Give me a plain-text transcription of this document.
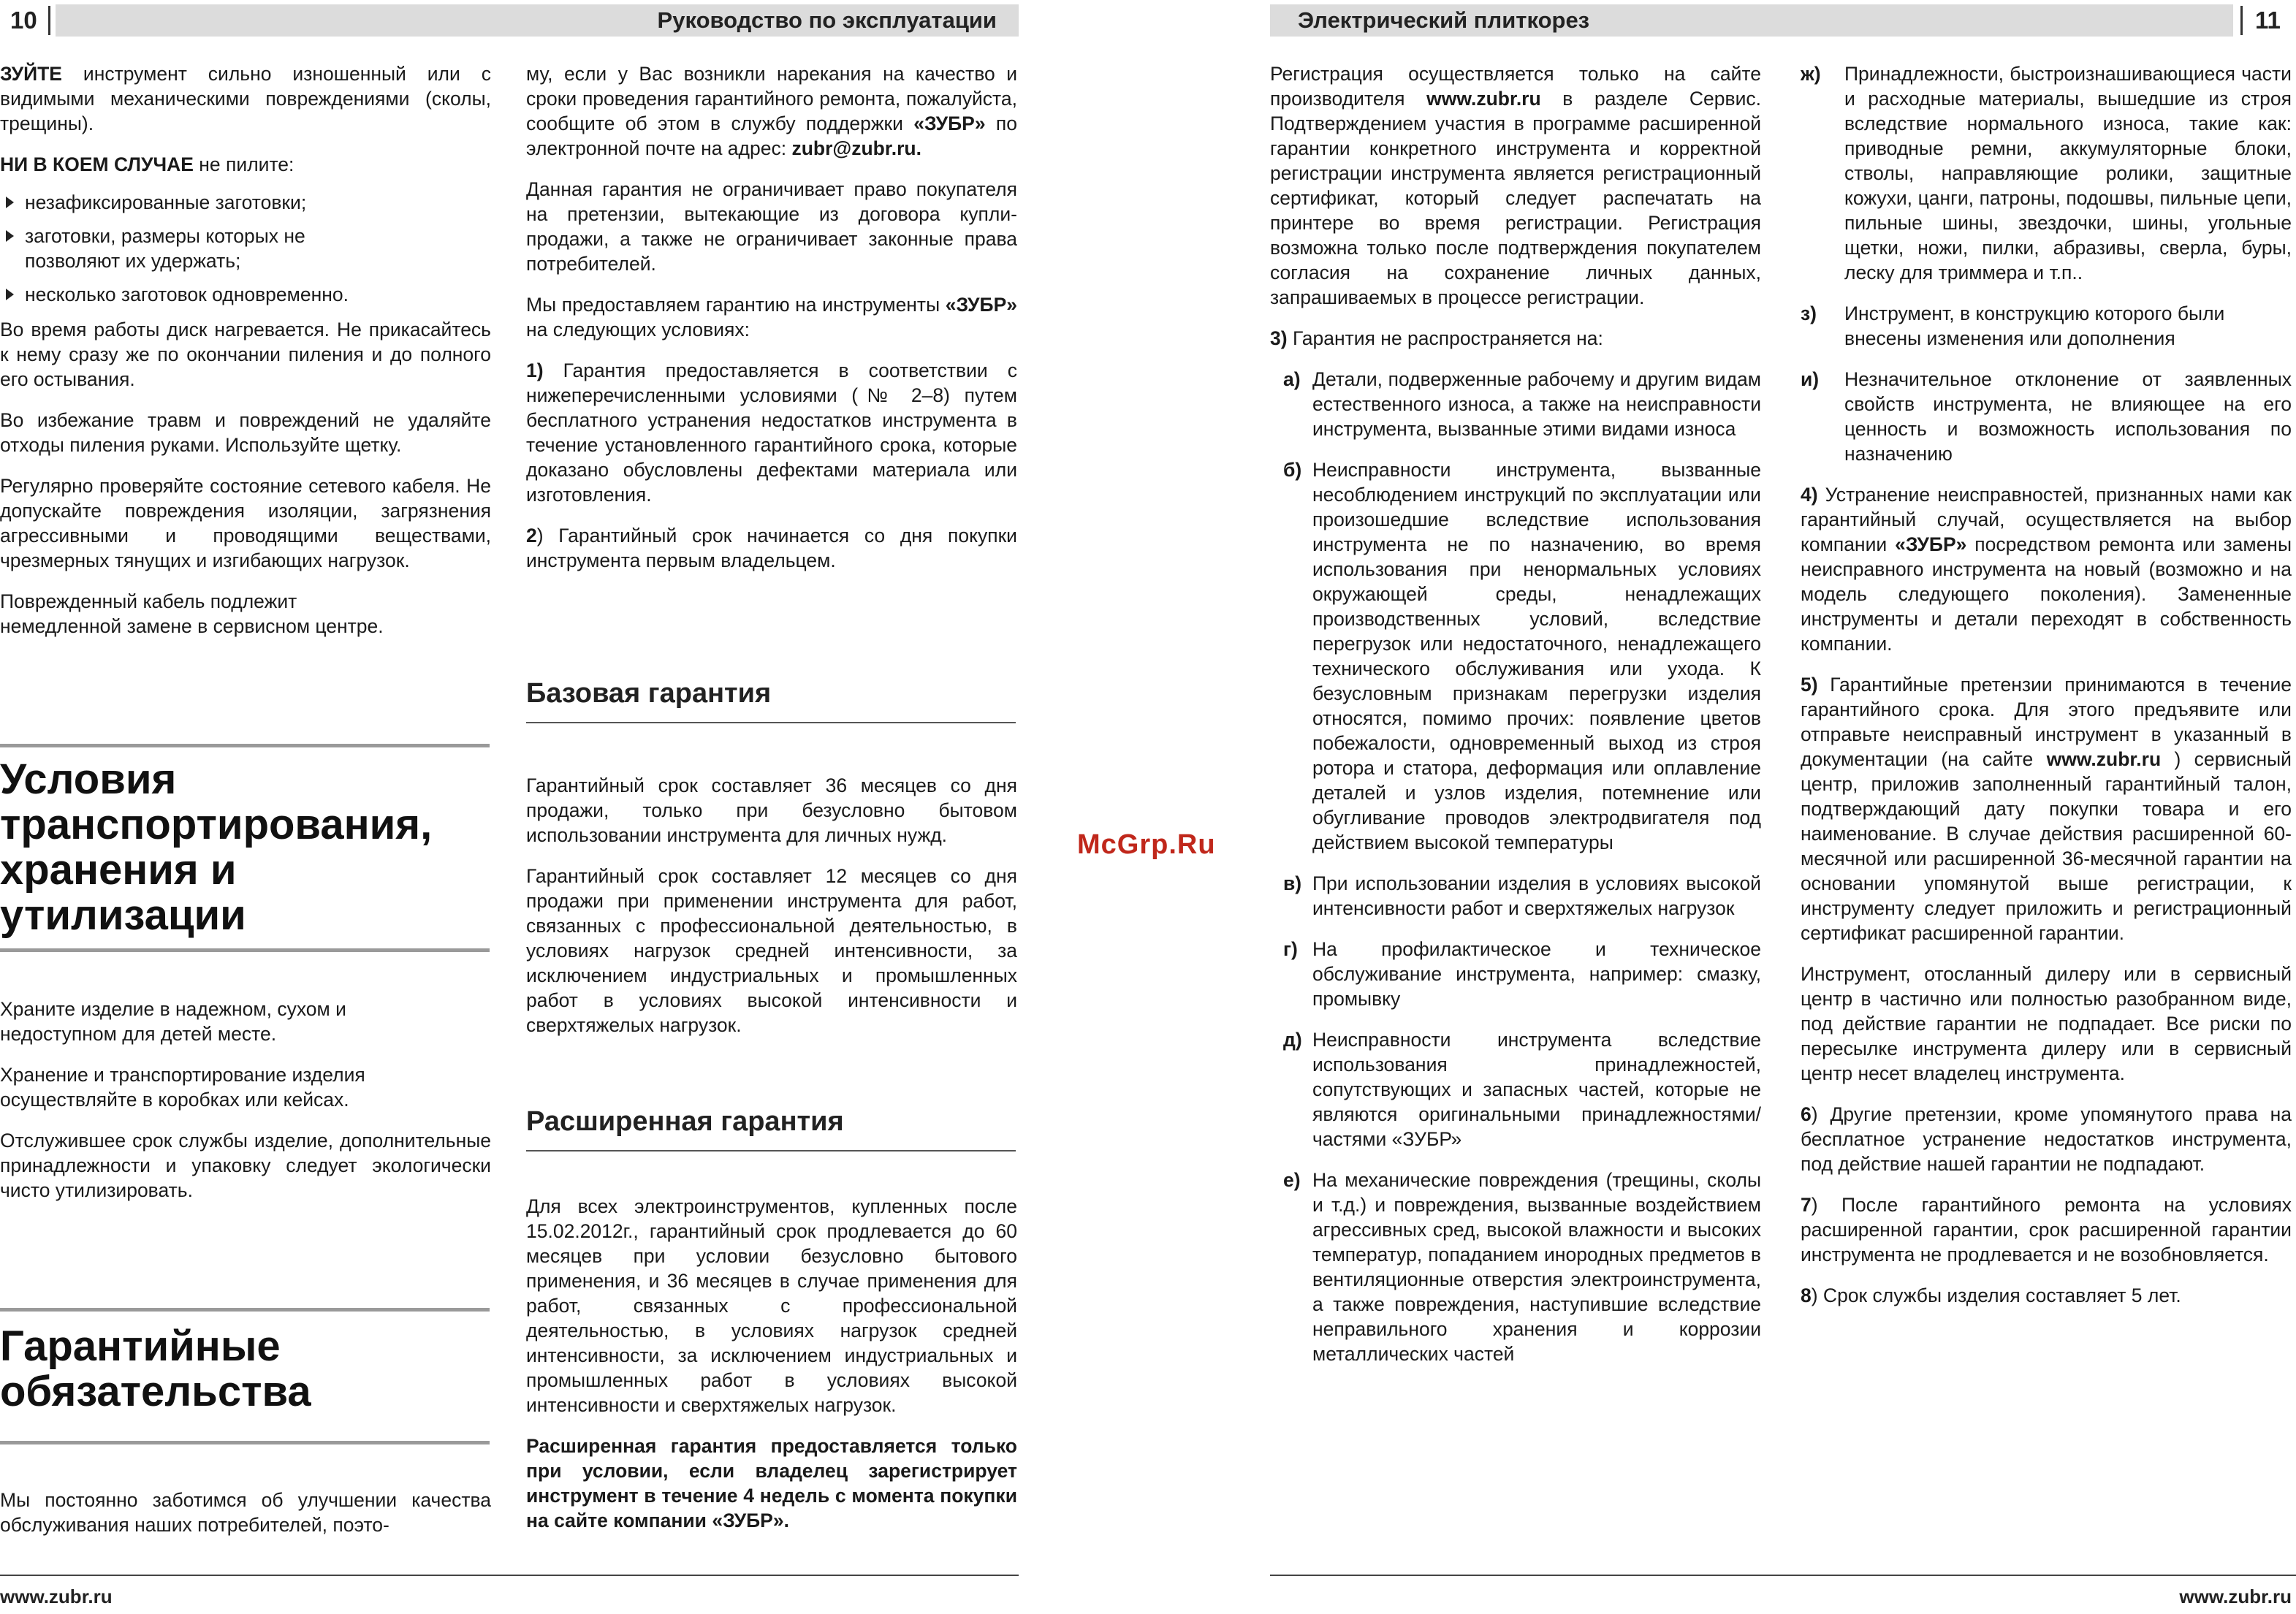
10	Руководство по эксплуатации

ЗУЙТЕ инструмент сильно изношенный или с видимыми механическими повреждениями (сколы, трещины).

НИ В КОЕМ СЛУЧАЕ не пилите:

незафиксированные заготовки;
заготовки, размеры которых не позволяют их удержать;
несколько заготовок одновременно.

Во время работы диск нагревается. Не прикасайтесь к нему сразу же по окончании пиления и до полного его остывания.

Во избежание травм и повреждений не удаляйте отходы пиления руками. Используйте щетку.

Регулярно проверяйте состояние сетевого кабеля. Не допускайте повреждения изоляции, загрязнения агрессивными и проводящими веществами, чрезмерных тянущих и изгибающих нагрузок.

Поврежденный кабель подлежит немедленной замене в сервисном центре.

Условия транспортирования, хранения и утилизации

Храните изделие в надежном, сухом и недоступном для детей месте.

Хранение и транспортирование изделия осуществляйте в коробках или кейсах.

Отслужившее срок службы изделие, дополнительные принадлежности и упаковку следует экологически чисто утилизировать.

Гарантийные обязательства

Мы постоянно заботимся об улучшении качества обслуживания наших потребителей, поэто-

му, если у Вас возникли нарекания на качество и сроки проведения гарантийного ремонта, пожалуйста, сообщите об этом в службу поддержки «ЗУБР» по электронной почте на адрес: zubr@zubr.ru.

Данная гарантия не ограничивает право покупателя на претензии, вытекающие из договора купли-продажи, а также не ограничивает законные права потребителей.

Мы предоставляем гарантию на инструменты «ЗУБР» на следующих условиях:

1) Гарантия предоставляется в соответствии с нижеперечисленными условиями (№ 2–8) путем бесплатного устранения недостатков инструмента в течение установленного гарантийного срока, которые доказано обусловлены дефектами материала или изготовления.

2) Гарантийный срок начинается со дня покупки инструмента первым владельцем.

Базовая гарантия

Гарантийный срок составляет 36 месяцев со дня продажи, только при безусловно бытовом использовании инструмента для личных нужд.

Гарантийный срок составляет 12 месяцев со дня продажи при применении инструмента для работ, связанных с профессиональной деятельностью, в условиях нагрузок средней интенсивности, за исключением индустриальных и промышленных работ в условиях высокой интенсивности и сверхтяжелых нагрузок.

Расширенная гарантия

Для всех электроинструментов, купленных после 15.02.2012г., гарантийный срок продлевается до 60 месяцев при условии безусловно бытового применения, и 36 месяцев в случае применения для работ, связанных с профессиональной деятельностью, в условиях нагрузок средней интенсивности, за исключением индустриальных и промышленных работ в условиях высокой интенсивности и сверхтяжелых нагрузок.

Расширенная гарантия предоставляется только при условии, если владелец зарегистрирует инструмент в течение 4 недель с момента покупки на сайте компании «ЗУБР».

www.zubr.ru
McGrp.Ru
Электрический плиткорез	11

Регистрация осуществляется только на сайте производителя www.zubr.ru в разделе Сервис. Подтверждением участия в программе расширенной гарантии конкретного инструмента и корректной регистрации инструмента является регистрационный сертификат, который следует распечатать на принтере во время регистрации. Регистрация возможна только после подтверждения покупателем согласия на сохранение личных данных, запрашиваемых в процессе регистрации.

3) Гарантия не распространяется на:

а) Детали, подверженные рабочему и другим видам естественного износа, а также на неисправности инструмента, вызванные этими видами износа
б) Неисправности инструмента, вызванные несоблюдением инструкций по эксплуатации или произошедшие вследствие использования инструмента не по назначению, во время использования при ненормальных условиях окружающей среды, ненадлежащих производственных условий, вследствие перегрузок или недостаточного, ненадлежащего технического обслуживания или ухода. К безусловным признакам перегрузки изделия относятся, помимо прочих: появление цветов побежалости, одновременный выход из строя ротора и статора, деформация или оплавление деталей и узлов изделия, потемнение или обугливание проводов электродвигателя под действием высокой температуры
в) При использовании изделия в условиях высокой интенсивности работ и сверхтяжелых нагрузок
г) На профилактическое и техническое обслуживание инструмента, например: смазку, промывку
д) Неисправности инструмента вследствие использования принадлежностей, сопутствующих и запасных частей, которые не являются оригинальными принадлежностями/частями «ЗУБР»
е) На механические повреждения (трещины, сколы и т.д.) и повреждения, вызванные воздействием агрессивных сред, высокой влажности и высоких температур, попаданием инородных предметов в вентиляционные отверстия электроинструмента, а также повреждения, наступившие вследствие неправильного хранения и коррозии металлических частей
ж) Принадлежности, быстроизнашивающиеся части и расходные материалы, вышедшие из строя вследствие нормального износа, такие как: приводные ремни, аккумуляторные блоки, стволы, направляющие ролики, защитные кожухи, цанги, патроны, подошвы, пильные цепи, пильные шины, звездочки, шины, угольные щетки, ножи, пилки, абразивы, сверла, буры, леску для триммера и т.п..
з) Инструмент, в конструкцию которого были внесены изменения или дополнения
и) Незначительное отклонение от заявленных свойств инструмента, не влияющее на его ценность и возможность использования по назначению

4) Устранение неисправностей, признанных нами как гарантийный случай, осуществляется на выбор компании «ЗУБР» посредством ремонта или замены неисправного инструмента на новый (возможно и на модель следующего поколения). Замененные инструменты и детали переходят в собственность компании.

5) Гарантийные претензии принимаются в течение гарантийного срока. Для этого предъявите или отправьте неисправный инструмент в указанный в документации (на сайте www.zubr.ru ) сервисный центр, приложив заполненный гарантийный талон, подтверждающий дату покупки товара и его наименование. В случае действия расширенной 60-месячной или расширенной 36-месячной гарантии на основании упомянутой выше регистрации, к инструменту следует приложить и регистрационный сертификат расширенной гарантии.

Инструмент, отосланный дилеру или в сервисный центр в частично или полностью разобранном виде, под действие гарантии не подпадает. Все риски по пересылке инструмента дилеру или в сервисный центр несет владелец инструмента.

6) Другие претензии, кроме упомянутого права на бесплатное устранение недостатков инструмента, под действие нашей гарантии не подпадают.

7) После гарантийного ремонта на условиях расширенной гарантии, срок расширенной гарантии инструмента не продлевается и не возобновляется.

8) Срок службы изделия составляет 5 лет.

www.zubr.ru
